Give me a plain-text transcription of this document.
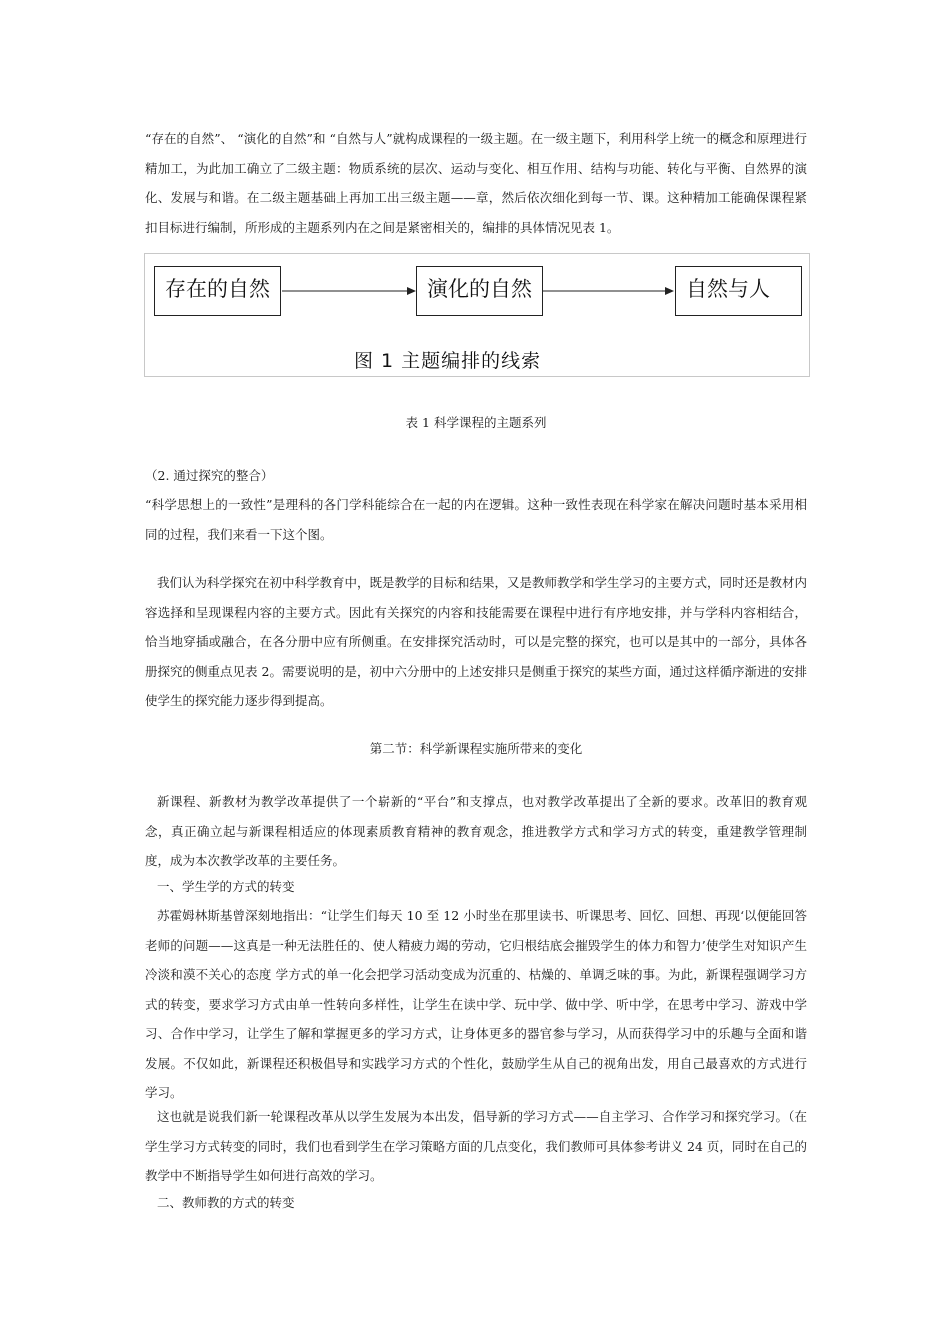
“存在的自然”、 “演化的自然”和 “自然与人”就构成课程的一级主题。在一级主题下，利用科学上统一的概念和原理进行精加工，为此加工确立了二级主题：物质系统的层次、运动与变化、相互作用、结构与功能、转化与平衡、自然界的演化、发展与和谐。在二级主题基础上再加工出三级主题——章，然后依次细化到每一节、课。这种精加工能确保课程紧扣目标进行编制，所形成的主题系列内在之间是紧密相关的，编排的具体情况见表 1。

存在的自然	演化的自然	自然与人
图 1 主题编排的线索

表 1 科学课程的主题系列

（2. 通过探究的整合）

“科学思想上的一致性”是理科的各门学科能综合在一起的内在逻辑。这种一致性表现在科学家在解决问题时基本采用相同的过程，我们来看一下这个图。

我们认为科学探究在初中科学教育中，既是教学的目标和结果，又是教师教学和学生学习的主要方式，同时还是教材内容选择和呈现课程内容的主要方式。因此有关探究的内容和技能需要在课程中进行有序地安排，并与学科内容相结合，恰当地穿插或融合，在各分册中应有所侧重。在安排探究活动时，可以是完整的探究，也可以是其中的一部分，具体各册探究的侧重点见表 2。需要说明的是，初中六分册中的上述安排只是侧重于探究的某些方面，通过这样循序渐进的安排使学生的探究能力逐步得到提高。

第二节：科学新课程实施所带来的变化

新课程、新教材为教学改革提供了一个崭新的“平台”和支撑点，也对教学改革提出了全新的要求。改革旧的教育观念，真正确立起与新课程相适应的体现素质教育精神的教育观念，推进教学方式和学习方式的转变，重建教学管理制度，成为本次教学改革的主要任务。

一、学生学的方式的转变

苏霍姆林斯基曾深刻地指出：“让学生们每天 10 至 12 小时坐在那里读书、听课思考、回忆、回想、再现‘以便能回答老师的问题——这真是一种无法胜任的、使人精疲力竭的劳动，它归根结底会摧毁学生的体力和智力’使学生对知识产生冷淡和漠不关心的态度 学方式的单一化会把学习活动变成为沉重的、枯燥的、单调乏味的事。为此，新课程强调学习方式的转变，要求学习方式由单一性转向多样性，让学生在读中学、玩中学、做中学、听中学，在思考中学习、游戏中学习、合作中学习，让学生了解和掌握更多的学习方式，让身体更多的器官参与学习，从而获得学习中的乐趣与全面和谐发展。不仅如此，新课程还积极倡导和实践学习方式的个性化，鼓励学生从自己的视角出发，用自己最喜欢的方式进行学习。

这也就是说我们新一轮课程改革从以学生发展为本出发，倡导新的学习方式——自主学习、合作学习和探究学习。（在学生学习方式转变的同时，我们也看到学生在学习策略方面的几点变化，我们教师可具体参考讲义 24 页，同时在自己的教学中不断指导学生如何进行高效的学习。

二、教师教的方式的转变
